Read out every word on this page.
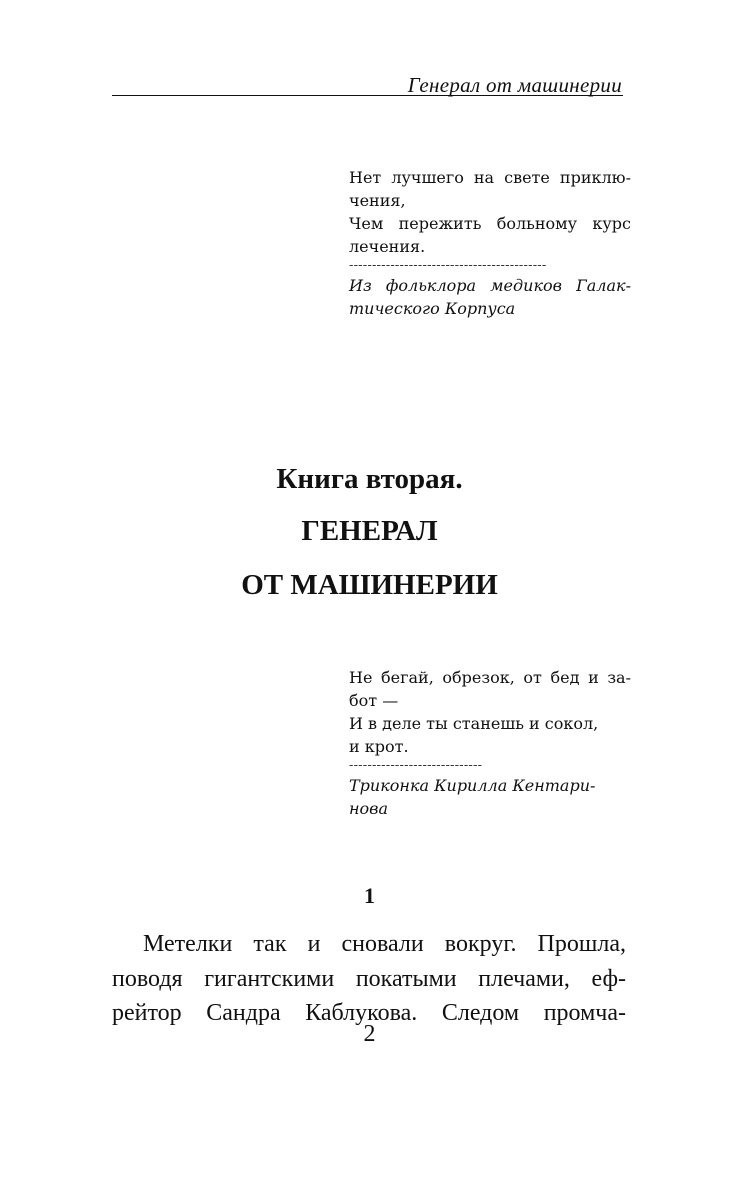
Генерал от машинерии
Нет лучшего на свете приклю-
чения,
Чем пережить больному курс
лечения.
-------------------------------------------
Из фольклора медиков Галак-
тического Корпуса
Книга вторая.
ГЕНЕРАЛ
ОТ МАШИНЕРИИ
Не бегай, обрезок, от бед и за-
бот —
И в деле ты станешь и сокол,
и крот.
-----------------------------
Триконка Кирилла Кентари-
нова
1
Метелки так и сновали вокруг. Прошла,
поводя гигантскими покатыми плечами, еф-
рейтор Сандра Каблукова. Следом промча-
2
